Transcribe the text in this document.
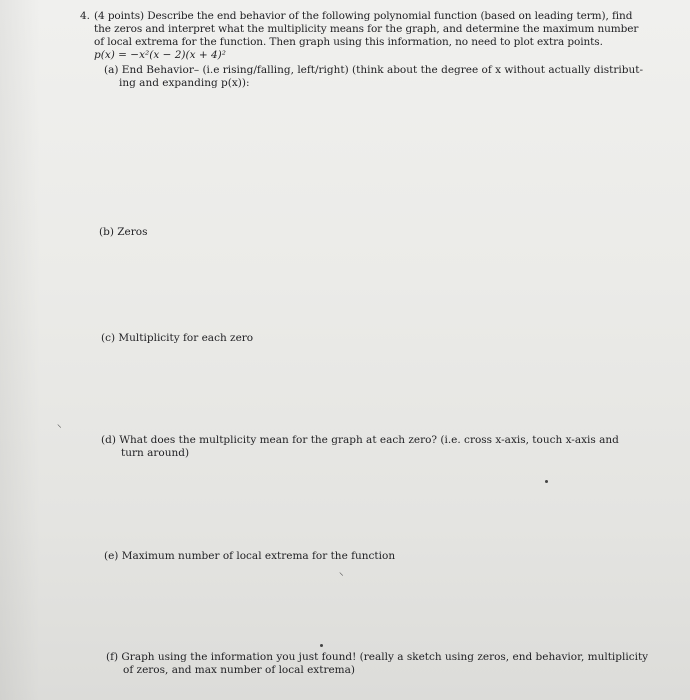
4. (4 points) Describe the end behavior of the following polynomial function (based on leading term), find
the zeros and interpret what the multiplicity means for the graph, and determine the maximum number
of local extrema for the function. Then graph using this information, no need to plot extra points.
p(x) = −x²(x − 2)(x + 4)²
(a) End Behavior– (i.e rising/falling, left/right) (think about the degree of x without actually distribut-
ing and expanding p(x)):
(b) Zeros
(c) Multiplicity for each zero
(d) What does the multplicity mean for the graph at each zero? (i.e. cross x-axis, touch x-axis and
turn around)
(e) Maximum number of local extrema for the function
(f) Graph using the information you just found! (really a sketch using zeros, end behavior, multiplicity
of zeros, and max number of local extrema)
⸜
⸜
